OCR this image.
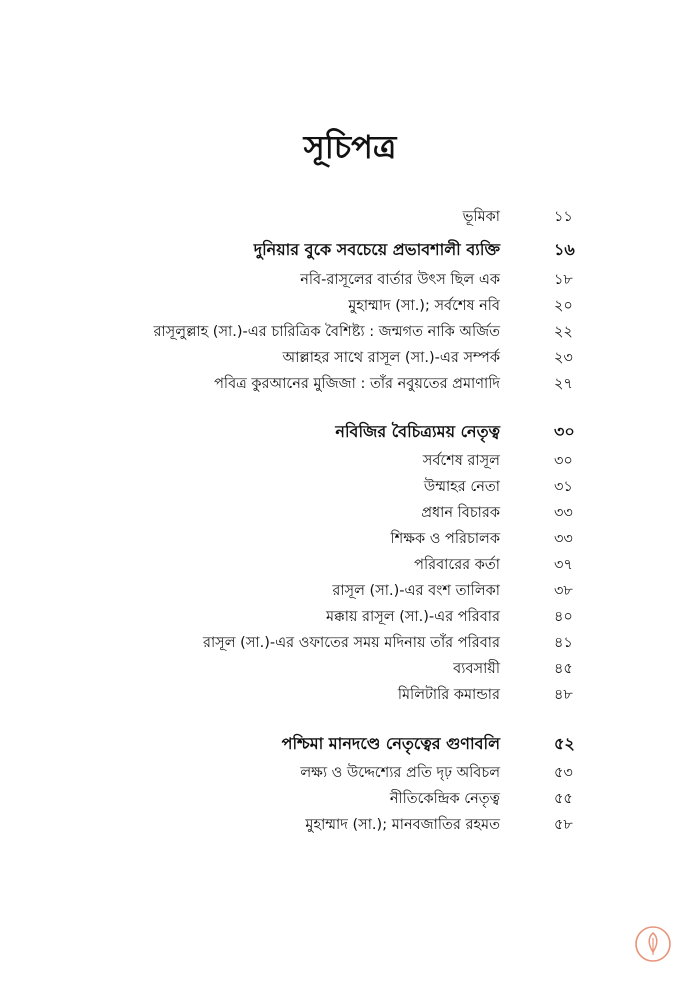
সূচিপত্র
ভূমিকা	১১
দুনিয়ার বুকে সবচেয়ে প্রভাবশালী ব্যক্তি	১৬
নবি-রাসূলের বার্তার উৎস ছিল এক	১৮
মুহাম্মাদ (সা.); সর্বশেষ নবি	২০
রাসূলুল্লাহ (সা.)-এর চারিত্রিক বৈশিষ্ট্য : জন্মগত নাকি অর্জিত	২২
আল্লাহর সাথে রাসূল (সা.)-এর সম্পর্ক	২৩
পবিত্র কুরআনের মুজিজা : তাঁর নবুয়তের প্রমাণাদি	২৭
নবিজির বৈচিত্র্যময় নেতৃত্ব	৩০
সর্বশেষ রাসূল	৩০
উম্মাহর নেতা	৩১
প্রধান বিচারক	৩৩
শিক্ষক ও পরিচালক	৩৩
পরিবারের কর্তা	৩৭
রাসূল (সা.)-এর বংশ তালিকা	৩৮
মক্কায় রাসূল (সা.)-এর পরিবার	৪০
রাসূল (সা.)-এর ওফাতের সময় মদিনায় তাঁর পরিবার	৪১
ব্যবসায়ী	৪৫
মিলিটারি কমান্ডার	৪৮
পশ্চিমা মানদণ্ডে নেতৃত্বের গুণাবলি	৫২
লক্ষ্য ও উদ্দেশ্যের প্রতি দৃঢ় অবিচল	৫৩
নীতিকেন্দ্রিক নেতৃত্ব	৫৫
মুহাম্মাদ (সা.); মানবজাতির রহমত	৫৮
